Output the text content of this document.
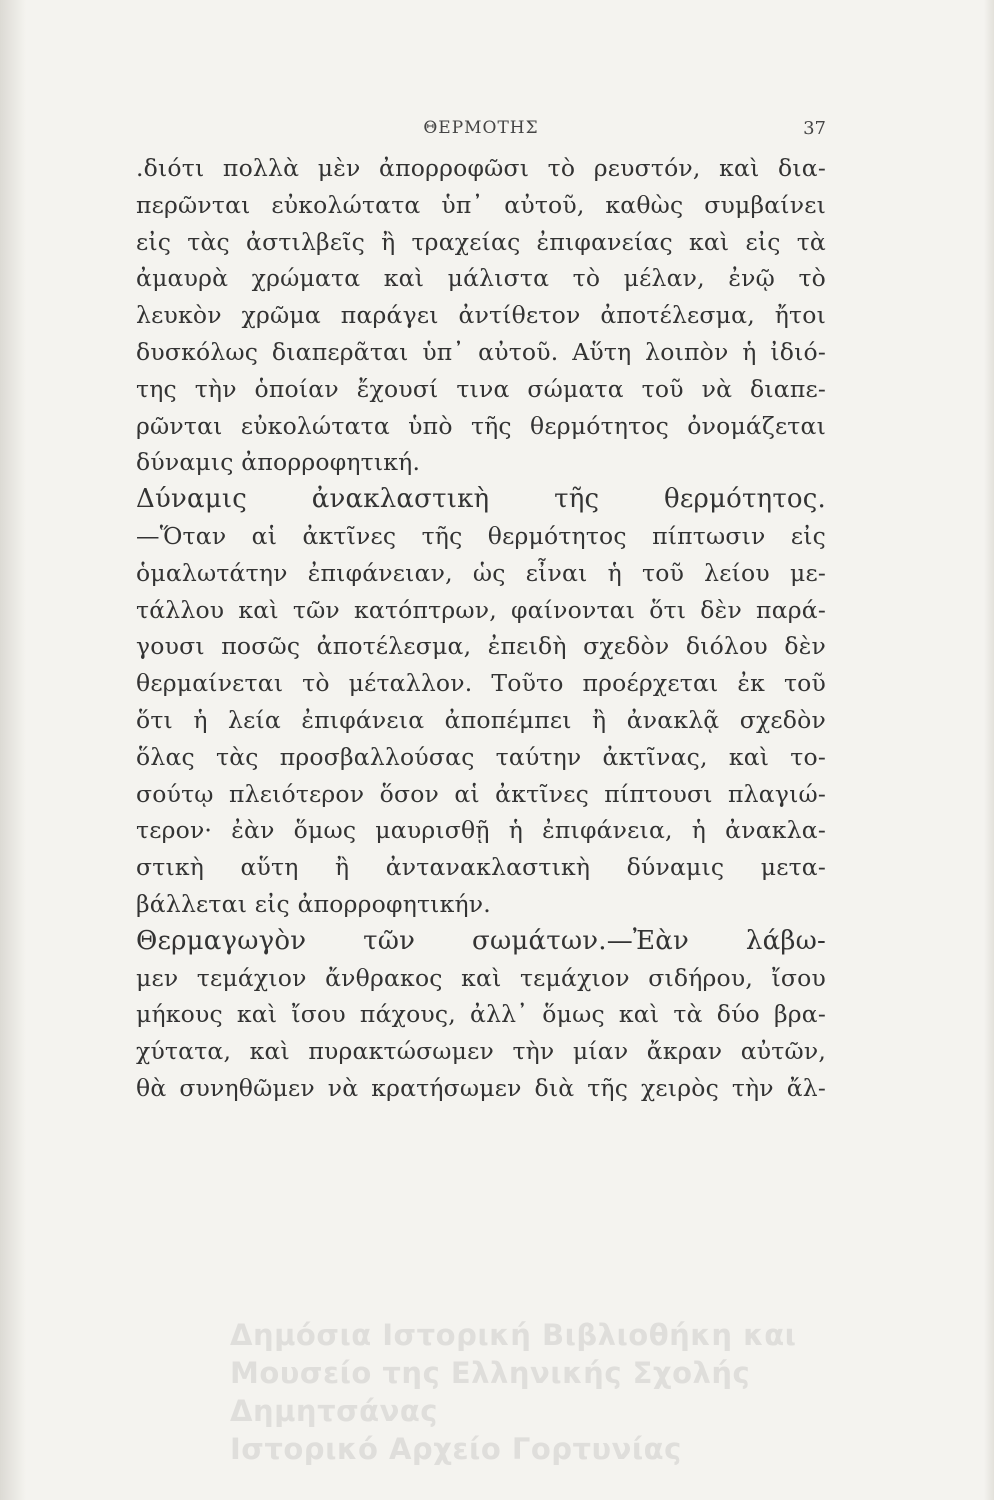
ΘΕΡΜΟΤΗΣ	37
.διότι πολλὰ μὲν ἀπορροφῶσι τὸ ρευστόν, καὶ δια-
περῶνται εὐκολώτατα ὑπ᾽ αὐτοῦ, καθὼς συμβαίνει
εἰς τὰς ἀστιλβεῖς ἢ τραχείας ἐπιφανείας καὶ εἰς τὰ
ἀμαυρὰ χρώματα καὶ μάλιστα τὸ μέλαν, ἐνῷ τὸ
λευκὸν χρῶμα παράγει ἀντίθετον ἀποτέλεσμα, ἤτοι
δυσκόλως διαπερᾶται ὑπ᾽ αὐτοῦ. Αὕτη λοιπὸν ἡ ἰδιό-
της τὴν ὁποίαν ἔχουσί τινα σώματα τοῦ νὰ διαπε-
ρῶνται εὐκολώτατα ὑπὸ τῆς θερμότητος ὀνομάζεται
δύναμις ἀπορροφητική.
Δύναμις ἀνακλαστικὴ τῆς θερμότητος.
—Ὅταν αἱ ἀκτῖνες τῆς θερμότητος πίπτωσιν εἰς
ὁμαλωτάτην ἐπιφάνειαν, ὡς εἶναι ἡ τοῦ λείου με-
τάλλου καὶ τῶν κατόπτρων, φαίνονται ὅτι δὲν παρά-
γουσι ποσῶς ἀποτέλεσμα, ἐπειδὴ σχεδὸν διόλου δὲν
θερμαίνεται τὸ μέταλλον. Τοῦτο προέρχεται ἐκ τοῦ
ὅτι ἡ λεία ἐπιφάνεια ἀποπέμπει ἢ ἀνακλᾷ σχεδὸν
ὅλας τὰς προσβαλλούσας ταύτην ἀκτῖνας, καὶ το-
σούτῳ πλειότερον ὅσον αἱ ἀκτῖνες πίπτουσι πλαγιώ-
τερον· ἐὰν ὅμως μαυρισθῇ ἡ ἐπιφάνεια, ἡ ἀνακλα-
στικὴ αὕτη ἢ ἀντανακλαστικὴ δύναμις μετα-
βάλλεται εἰς ἀπορροφητικήν.
Θερμαγωγὸν τῶν σωμάτων.—Ἐὰν λάβω-
μεν τεμάχιον ἄνθρακος καὶ τεμάχιον σιδήρου, ἴσου
μήκους καὶ ἴσου πάχους, ἀλλ᾽ ὅμως καὶ τὰ δύο βρα-
χύτατα, καὶ πυρακτώσωμεν τὴν μίαν ἄκραν αὐτῶν,
θὰ συνηθῶμεν νὰ κρατήσωμεν διὰ τῆς χειρὸς τὴν ἄλ-
Δημόσια Ιστορική Βιβλιοθήκη και
Μουσείο της Ελληνικής Σχολής Δημητσάνας
Ιστορικό Αρχείο Γορτυνίας
